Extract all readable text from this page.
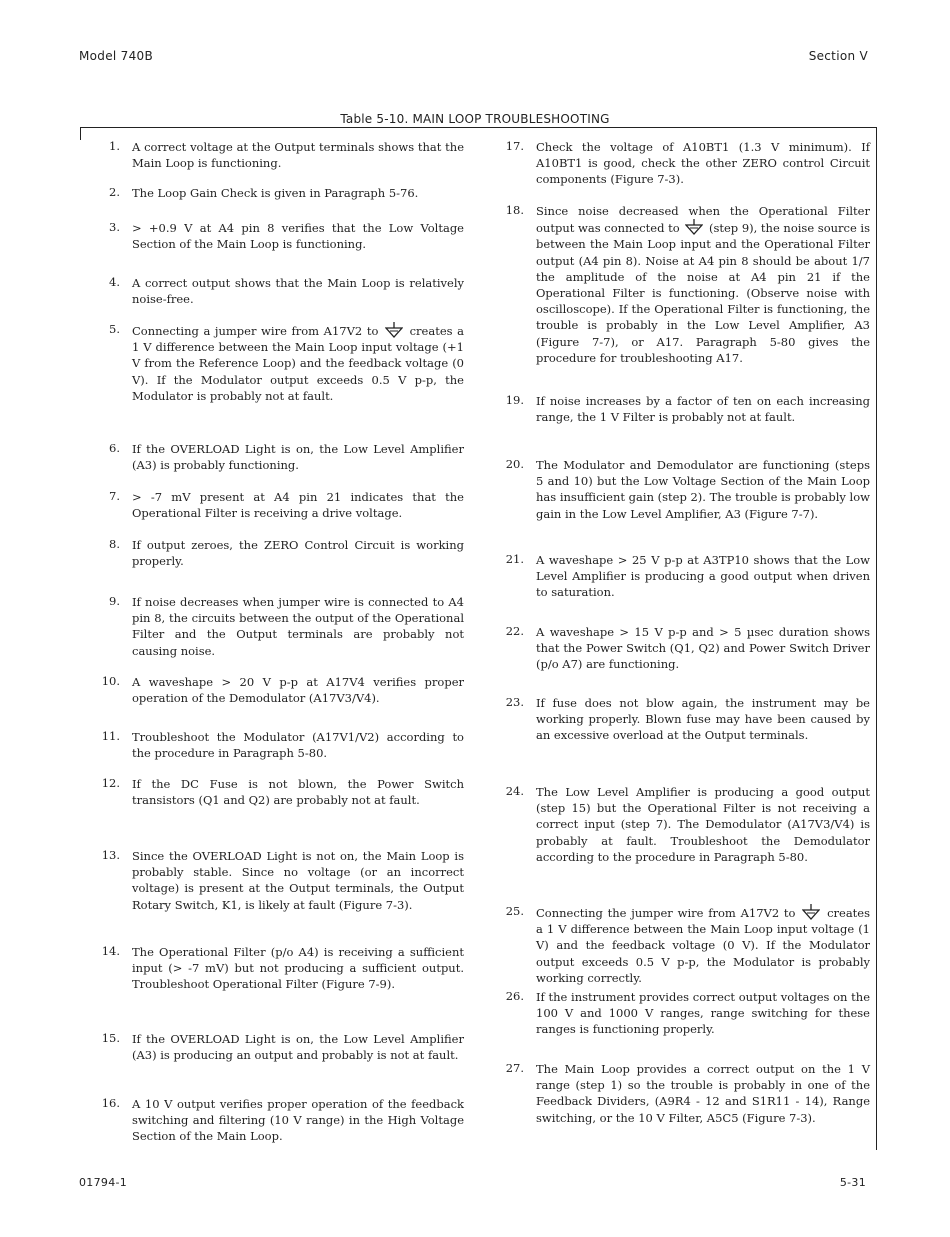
Model 740B	Section V
Table 5-10. MAIN LOOP TROUBLESHOOTING
1. A correct voltage at the Output terminals shows that the Main Loop is functioning.
2. The Loop Gain Check is given in Paragraph 5-76.
3. > +0.9 V at A4 pin 8 verifies that the Low Voltage Section of the Main Loop is functioning.
4. A correct output shows that the Main Loop is relatively noise-free.
5. Connecting a jumper wire from A17V2 to	creates a 1 V difference between the Main Loop input voltage (+1 V from the Reference Loop) and the feedback voltage (0 V). If the Modulator output exceeds 0.5 V p-p, the Modulator is probably not at fault.
6. If the OVERLOAD Light is on, the Low Level Amplifier (A3) is probably functioning.
7. > -7 mV present at A4 pin 21 indicates that the Operational Filter is receiving a drive voltage.
8. If output zeroes, the ZERO Control Circuit is working properly.
9. If noise decreases when jumper wire is connected to A4 pin 8, the circuits between the output of the Operational Filter and the Output terminals are probably not causing noise.
10. A waveshape > 20 V p-p at A17V4 verifies proper operation of the Demodulator (A17V3/V4).
11. Troubleshoot the Modulator (A17V1/V2) according to the procedure in Paragraph 5-80.
12. If the DC Fuse is not blown, the Power Switch transistors (Q1 and Q2) are probably not at fault.
13. Since the OVERLOAD Light is not on, the Main Loop is probably stable. Since no voltage (or an incorrect voltage) is present at the Output terminals, the Output Rotary Switch, K1, is likely at fault (Figure 7-3).
14. The Operational Filter (p/o A4) is receiving a sufficient input (> -7 mV) but not producing a sufficient output. Troubleshoot Operational Filter (Figure 7-9).
15. If the OVERLOAD Light is on, the Low Level Amplifier (A3) is producing an output and probably is not at fault.
16. A 10 V output verifies proper operation of the feedback switching and filtering (10 V range) in the High Voltage Section of the Main Loop.
17. Check the voltage of A10BT1 (1.3 V minimum). If A10BT1 is good, check the other ZERO control Circuit components (Figure 7-3).
18. Since noise decreased when the Operational Filter output was connected to	(step 9), the noise source is between the Main Loop input and the Operational Filter output (A4 pin 8). Noise at A4 pin 8 should be about 1/7 the amplitude of the noise at A4 pin 21 if the Operational Filter is functioning. (Observe noise with oscilloscope). If the Operational Filter is functioning, the trouble is probably in the Low Level Amplifier, A3 (Figure 7-7), or A17. Paragraph 5-80 gives the procedure for troubleshooting A17.
19. If noise increases by a factor of ten on each increasing range, the 1 V Filter is probably not at fault.
20. The Modulator and Demodulator are functioning (steps 5 and 10) but the Low Voltage Section of the Main Loop has insufficient gain (step 2). The trouble is probably low gain in the Low Level Amplifier, A3 (Figure 7-7).
21. A waveshape > 25 V p-p at A3TP10 shows that the Low Level Amplifier is producing a good output when driven to saturation.
22. A waveshape > 15 V p-p and > 5 µsec duration shows that the Power Switch (Q1, Q2) and Power Switch Driver (p/o A7) are functioning.
23. If fuse does not blow again, the instrument may be working properly. Blown fuse may have been caused by an excessive overload at the Output terminals.
24. The Low Level Amplifier is producing a good output (step 15) but the Operational Filter is not receiving a correct input (step 7). The Demodulator (A17V3/V4) is probably at fault. Troubleshoot the Demodulator according to the procedure in Paragraph 5-80.
25. Connecting the jumper wire from A17V2 to	creates a 1 V difference between the Main Loop input voltage (1 V) and the feedback voltage (0 V). If the Modulator output exceeds 0.5 V p-p, the Modulator is probably working correctly.
26. If the instrument provides correct output voltages on the 100 V and 1000 V ranges, range switching for these ranges is functioning properly.
27. The Main Loop provides a correct output on the 1 V range (step 1) so the trouble is probably in one of the Feedback Dividers, (A9R4 - 12 and S1R11 - 14), Range switching, or the 10 V Filter, A5C5 (Figure 7-3).
01794-1	5-31
